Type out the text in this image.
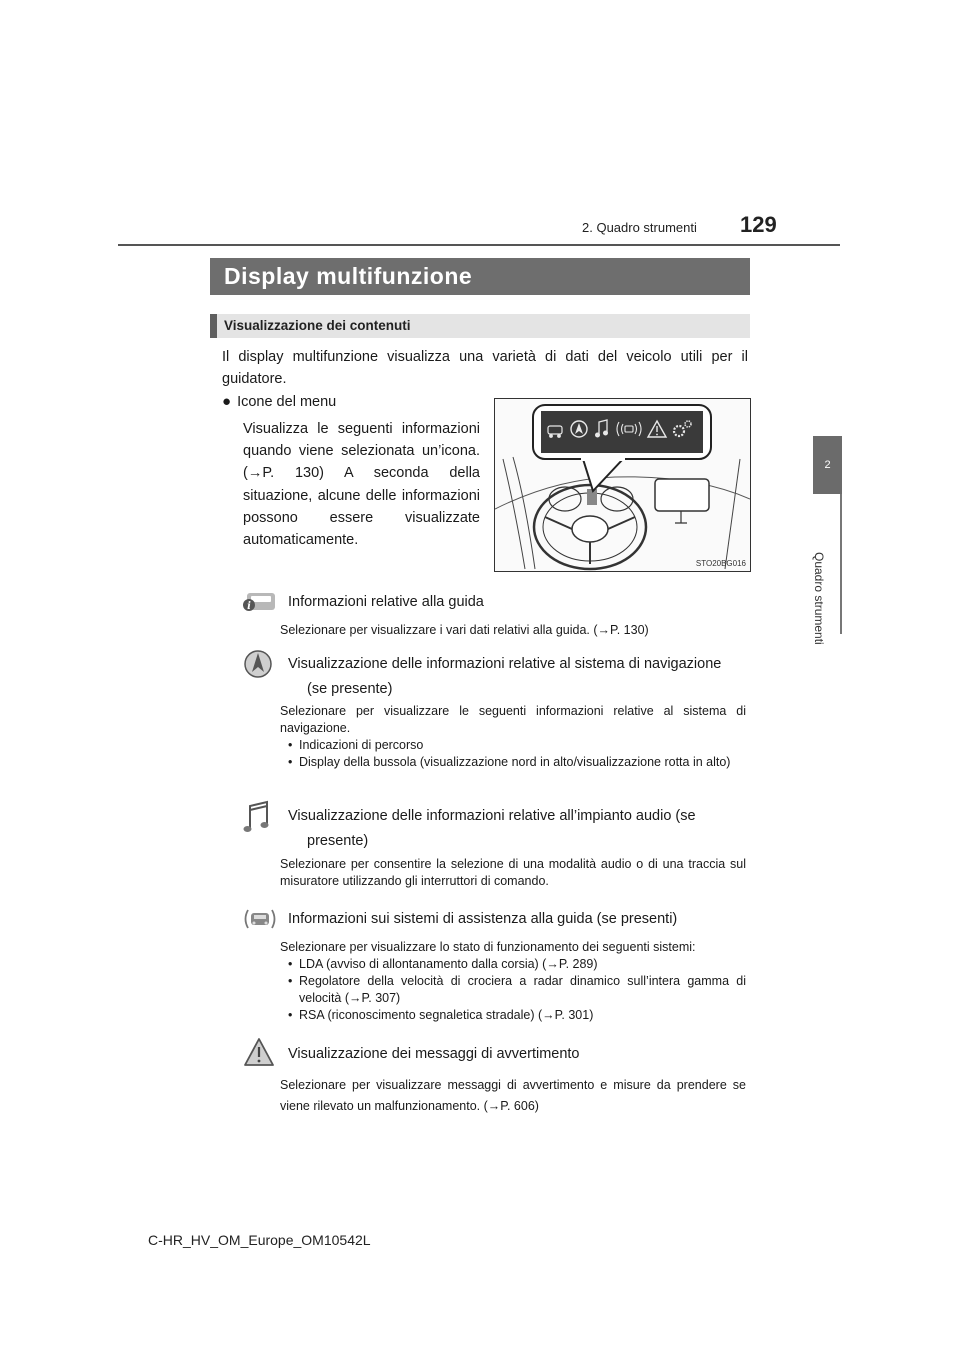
2. Quadro strumenti 129
2
Quadro strumenti
Display multifunzione
Visualizzazione dei contenuti
Il display multifunzione visualizza una varietà di dati del veicolo utili per il guidatore.
● Icone del menu
Visualizza le seguenti informazioni quando viene selezionata un’icona. (→P. 130) A seconda della situazione, alcune delle informazioni possono essere visualizzate automaticamente.
STO20BG016
i	Informazioni relative alla guida
Selezionare per visualizzare i vari dati relativi alla guida. (→P. 130)
Visualizzazione delle informazioni relative al sistema di navigazione
(se presente)
Selezionare per visualizzare le seguenti informazioni relative al sistema di navigazione.
• Indicazioni di percorso
• Display della bussola (visualizzazione nord in alto/visualizzazione rotta in alto)
Visualizzazione delle informazioni relative all’impianto audio (se
presente)
Selezionare per consentire la selezione di una modalità audio o di una traccia sul misuratore utilizzando gli interruttori di comando.
Informazioni sui sistemi di assistenza alla guida (se presenti)
Selezionare per visualizzare lo stato di funzionamento dei seguenti sistemi:
• LDA (avviso di allontanamento dalla corsia) (→P. 289)
• Regolatore della velocità di crociera a radar dinamico sull’intera gamma di velocità (→P. 307)
• RSA (riconoscimento segnaletica stradale) (→P. 301)
Visualizzazione dei messaggi di avvertimento
Selezionare per visualizzare messaggi di avvertimento e misure da prendere se viene rilevato un malfunzionamento. (→P. 606)
C-HR_HV_OM_Europe_OM10542L
